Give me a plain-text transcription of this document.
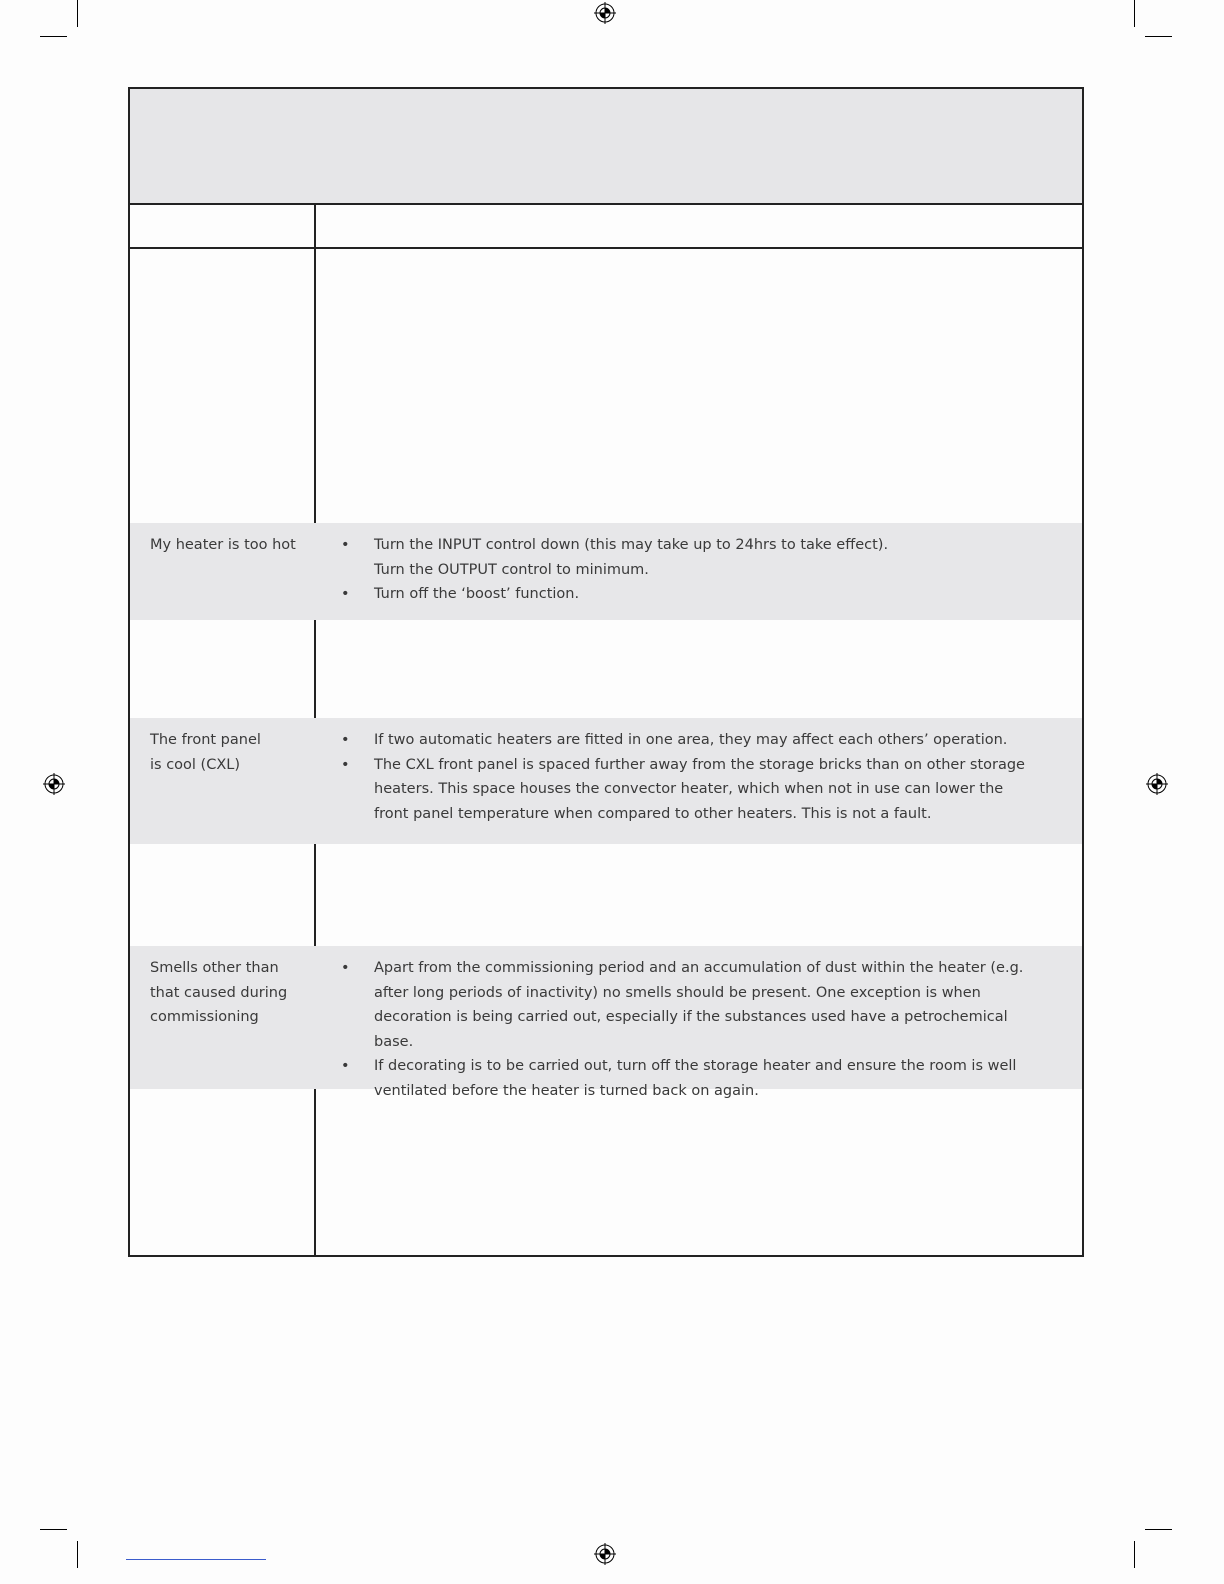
My heater is too hot
•	Turn the INPUT control down (this may take up to 24hrs to take effect).
Turn the OUTPUT control to minimum.
• Turn off the ‘boost’ function.
The front panel
is cool (CXL)
• If two automatic heaters are fitted in one area, they may affect each others’ operation.
• The CXL front panel is spaced further away from the storage bricks than on other storage heaters. This space houses the convector heater, which when not in use can lower the front panel temperature when compared to other heaters. This is not a fault.
Smells other than
that caused during
commissioning
• Apart from the commissioning period and an accumulation of dust within the heater (e.g. after long periods of inactivity) no smells should be present. One exception is when decoration is being carried out, especially if the substances used have a petrochemical base.
• If decorating is to be carried out, turn off the storage heater and ensure the room is well ventilated before the heater is turned back on again.
